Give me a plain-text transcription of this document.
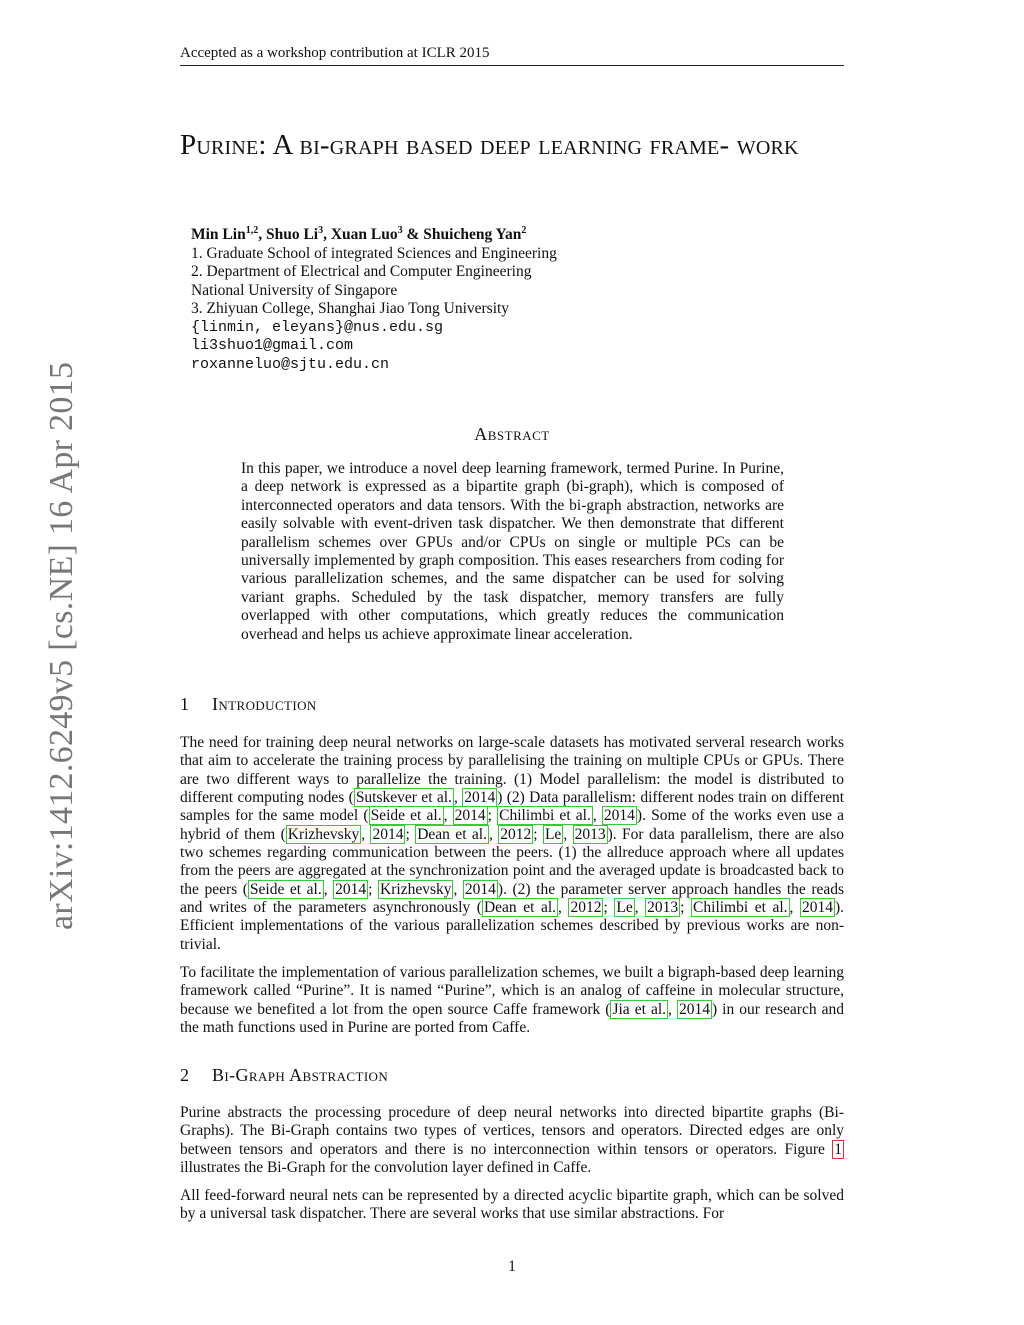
Accepted as a workshop contribution at ICLR 2015
arXiv:1412.6249v5 [cs.NE] 16 Apr 2015
Purine: A bi-graph based deep learning frame- work
Min Lin$^{1,2}$, Shuo Li$^3$, Xuan Luo$^3$ & Shuicheng Yan$^2$
1. Graduate School of integrated Sciences and Engineering
2. Department of Electrical and Computer Engineering
National University of Singapore
3. Zhiyuan College, Shanghai Jiao Tong University
{linmin, eleyans}@nus.edu.sg
li3shuo1@gmail.com
roxanneluo@sjtu.edu.cn
Abstract
In this paper, we introduce a novel deep learning framework, termed Purine. In Purine, a deep network is expressed as a bipartite graph (bi-graph), which is composed of interconnected operators and data tensors. With the bi-graph abstraction, networks are easily solvable with event-driven task dispatcher. We then demonstrate that different parallelism schemes over GPUs and/or CPUs on single or multiple PCs can be universally implemented by graph composition. This eases researchers from coding for various parallelization schemes, and the same dispatcher can be used for solving variant graphs. Scheduled by the task dispatcher, memory transfers are fully overlapped with other computations, which greatly reduces the communication overhead and helps us achieve approximate linear acceleration.
1 Introduction
The need for training deep neural networks on large-scale datasets has motivated serveral research works that aim to accelerate the training process by parallelising the training on multiple CPUs or GPUs. There are two different ways to parallelize the training. (1) Model parallelism: the model is distributed to different computing nodes ( Sutskever et al. , 2014 ) (2) Data parallelism: different nodes train on different samples for the same model ( Seide et al. , 2014 ; Chilimbi et al. , 2014 ). Some of the works even use a hybrid of them ( Krizhevsky , 2014 ; Dean et al. , 2012 ; Le , 2013 ). For data parallelism, there are also two schemes regarding communication between the peers. (1) the allreduce approach where all updates from the peers are aggregated at the synchronization point and the averaged update is broadcasted back to the peers ( Seide et al. , 2014 ; Krizhevsky , 2014 ). (2) the parameter server approach handles the reads and writes of the parameters asynchronously ( Dean et al. , 2012 ; Le , 2013 ; Chilimbi et al. , 2014 ). Efficient implementations of the various parallelization schemes described by previous works are non-trivial.
To facilitate the implementation of various parallelization schemes, we built a bigraph-based deep learning framework called “Purine”. It is named “Purine”, which is an analog of caffeine in molecular structure, because we benefited a lot from the open source Caffe framework ( Jia et al. , 2014 ) in our research and the math functions used in Purine are ported from Caffe.
2 Bi-Graph Abstraction
Purine abstracts the processing procedure of deep neural networks into directed bipartite graphs (Bi-Graphs). The Bi-Graph contains two types of vertices, tensors and operators. Directed edges are only between tensors and operators and there is no interconnection within tensors or operators. Figure 1 illustrates the Bi-Graph for the convolution layer defined in Caffe.
All feed-forward neural nets can be represented by a directed acyclic bipartite graph, which can be solved by a universal task dispatcher. There are several works that use similar abstractions. For
1
